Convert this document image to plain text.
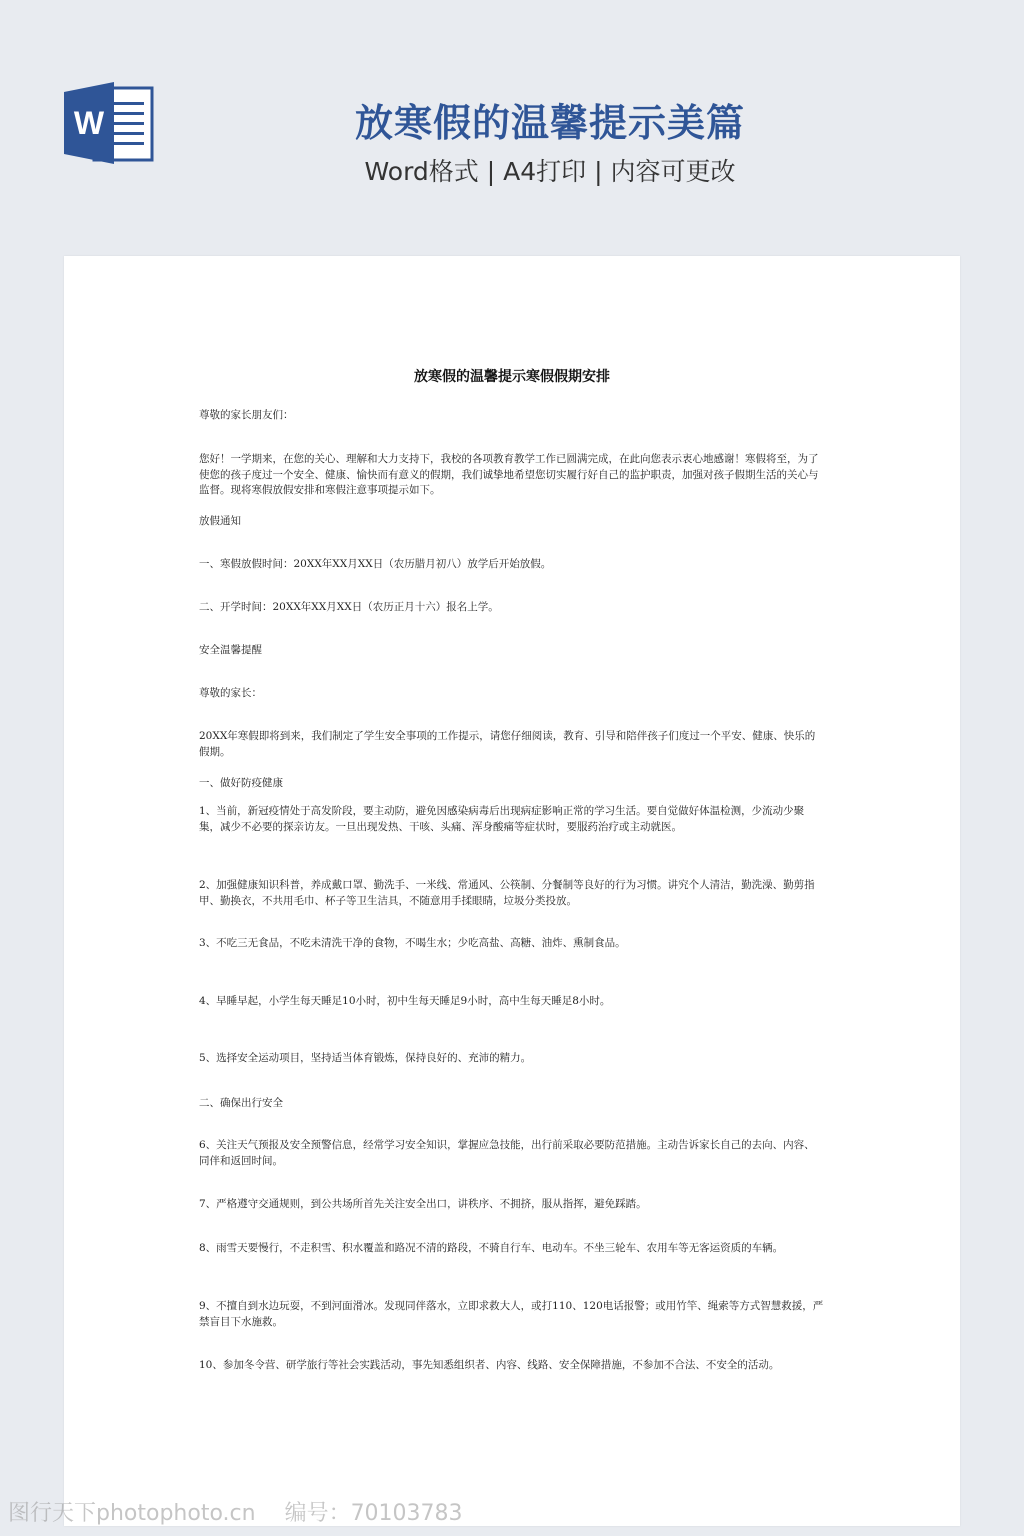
W	放寒假的温馨提示美篇
Word格式 | A4打印 | 内容可更改
放寒假的温馨提示寒假假期安排
尊敬的家长朋友们：
您好！一学期来，在您的关心、理解和大力支持下，我校的各项教育教学工作已圆满完成，在此向您表示衷心地感谢！寒假将至，为了使您的孩子度过一个安全、健康、愉快而有意义的假期，我们诚挚地希望您切实履行好自己的监护职责，加强对孩子假期生活的关心与监督。现将寒假放假安排和寒假注意事项提示如下。
放假通知
一、寒假放假时间：20XX年XX月XX日（农历腊月初八）放学后开始放假。
二、开学时间：20XX年XX月XX日（农历正月十六）报名上学。
安全温馨提醒
尊敬的家长：
20XX年寒假即将到来，我们制定了学生安全事项的工作提示，请您仔细阅读，教育、引导和陪伴孩子们度过一个平安、健康、快乐的假期。
一、做好防疫健康
1、当前，新冠疫情处于高发阶段，要主动防，避免因感染病毒后出现病症影响正常的学习生活。要自觉做好体温检测，少流动少聚集，减少不必要的探亲访友。一旦出现发热、干咳、头痛、浑身酸痛等症状时，要服药治疗或主动就医。
2、加强健康知识科普，养成戴口罩、勤洗手、一米线、常通风、公筷制、分餐制等良好的行为习惯。讲究个人清洁，勤洗澡、勤剪指甲、勤换衣，不共用毛巾、杯子等卫生洁具，不随意用手揉眼睛，垃圾分类投放。
3、不吃三无食品，不吃未清洗干净的食物，不喝生水；少吃高盐、高糖、油炸、熏制食品。
4、早睡早起，小学生每天睡足10小时，初中生每天睡足9小时，高中生每天睡足8小时。
5、选择安全运动项目，坚持适当体育锻炼，保持良好的、充沛的精力。
二、确保出行安全
6、关注天气预报及安全预警信息，经常学习安全知识，掌握应急技能，出行前采取必要防范措施。主动告诉家长自己的去向、内容、同伴和返回时间。
7、严格遵守交通规则，到公共场所首先关注安全出口，讲秩序、不拥挤，服从指挥，避免踩踏。
8、雨雪天要慢行，不走积雪、积水覆盖和路况不清的路段，不骑自行车、电动车。不坐三轮车、农用车等无客运资质的车辆。
9、不擅自到水边玩耍，不到河面滑冰。发现同伴落水，立即求救大人，或打110、120电话报警；或用竹竿、绳索等方式智慧救援，严禁盲目下水施救。
10、参加冬令营、研学旅行等社会实践活动，事先知悉组织者、内容、线路、安全保障措施，不参加不合法、不安全的活动。
图行天下photophoto.cn 编号：70103783
